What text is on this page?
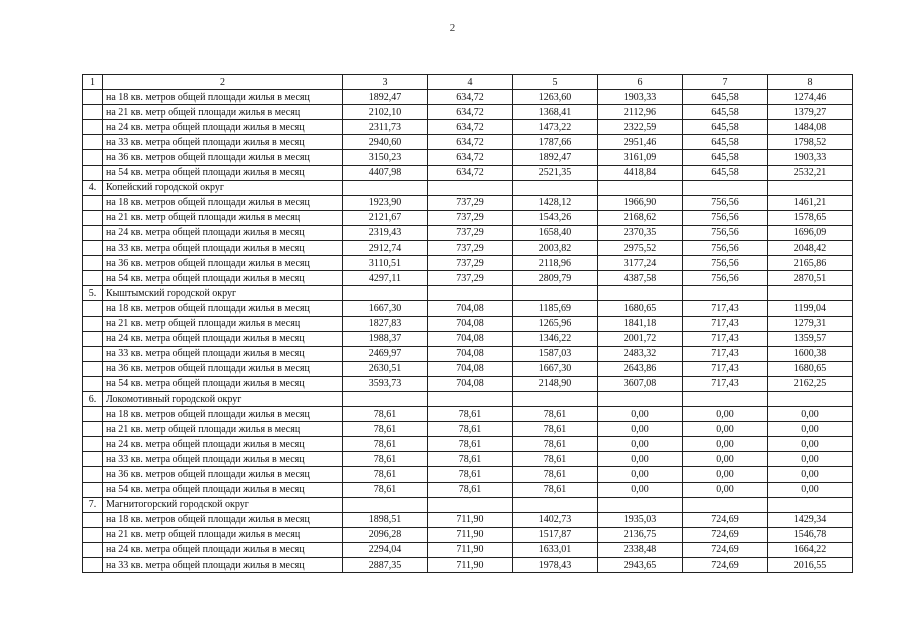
2
1	2	3	4	5	6	7	8
	на 18 кв. метров общей площади жилья в месяц	1892,47	634,72	1263,60	1903,33	645,58	1274,46
	на 21 кв. метр общей площади жилья в месяц	2102,10	634,72	1368,41	2112,96	645,58	1379,27
	на 24 кв. метра общей площади жилья в месяц	2311,73	634,72	1473,22	2322,59	645,58	1484,08
	на 33 кв. метра общей площади жилья в месяц	2940,60	634,72	1787,66	2951,46	645,58	1798,52
	на 36 кв. метров общей площади жилья в месяц	3150,23	634,72	1892,47	3161,09	645,58	1903,33
	на 54 кв. метра общей площади жилья в месяц	4407,98	634,72	2521,35	4418,84	645,58	2532,21
4.	Копейский городской округ						
	на 18 кв. метров общей площади жилья в месяц	1923,90	737,29	1428,12	1966,90	756,56	1461,21
	на 21 кв. метр общей площади жилья в месяц	2121,67	737,29	1543,26	2168,62	756,56	1578,65
	на 24 кв. метра общей площади жилья в месяц	2319,43	737,29	1658,40	2370,35	756,56	1696,09
	на 33 кв. метра общей площади жилья в месяц	2912,74	737,29	2003,82	2975,52	756,56	2048,42
	на 36 кв. метров общей площади жилья в месяц	3110,51	737,29	2118,96	3177,24	756,56	2165,86
	на 54 кв. метра общей площади жилья в месяц	4297,11	737,29	2809,79	4387,58	756,56	2870,51
5.	Кыштымский городской округ						
	на 18 кв. метров общей площади жилья в месяц	1667,30	704,08	1185,69	1680,65	717,43	1199,04
	на 21 кв. метр общей площади жилья в месяц	1827,83	704,08	1265,96	1841,18	717,43	1279,31
	на 24 кв. метра общей площади жилья в месяц	1988,37	704,08	1346,22	2001,72	717,43	1359,57
	на 33 кв. метра общей площади жилья в месяц	2469,97	704,08	1587,03	2483,32	717,43	1600,38
	на 36 кв. метров общей площади жилья в месяц	2630,51	704,08	1667,30	2643,86	717,43	1680,65
	на 54 кв. метра общей площади жилья в месяц	3593,73	704,08	2148,90	3607,08	717,43	2162,25
6.	Локомотивный городской округ						
	на 18 кв. метров общей площади жилья в месяц	78,61	78,61	78,61	0,00	0,00	0,00
	на 21 кв. метр общей площади жилья в месяц	78,61	78,61	78,61	0,00	0,00	0,00
	на 24 кв. метра общей площади жилья в месяц	78,61	78,61	78,61	0,00	0,00	0,00
	на 33 кв. метра общей площади жилья в месяц	78,61	78,61	78,61	0,00	0,00	0,00
	на 36 кв. метров общей площади жилья в месяц	78,61	78,61	78,61	0,00	0,00	0,00
	на 54 кв. метра общей площади жилья в месяц	78,61	78,61	78,61	0,00	0,00	0,00
7.	Магнитогорский городской округ						
	на 18 кв. метров общей площади жилья в месяц	1898,51	711,90	1402,73	1935,03	724,69	1429,34
	на 21 кв. метр общей площади жилья в месяц	2096,28	711,90	1517,87	2136,75	724,69	1546,78
	на 24 кв. метра общей площади жилья в месяц	2294,04	711,90	1633,01	2338,48	724,69	1664,22
	на 33 кв. метра общей площади жилья в месяц	2887,35	711,90	1978,43	2943,65	724,69	2016,55
